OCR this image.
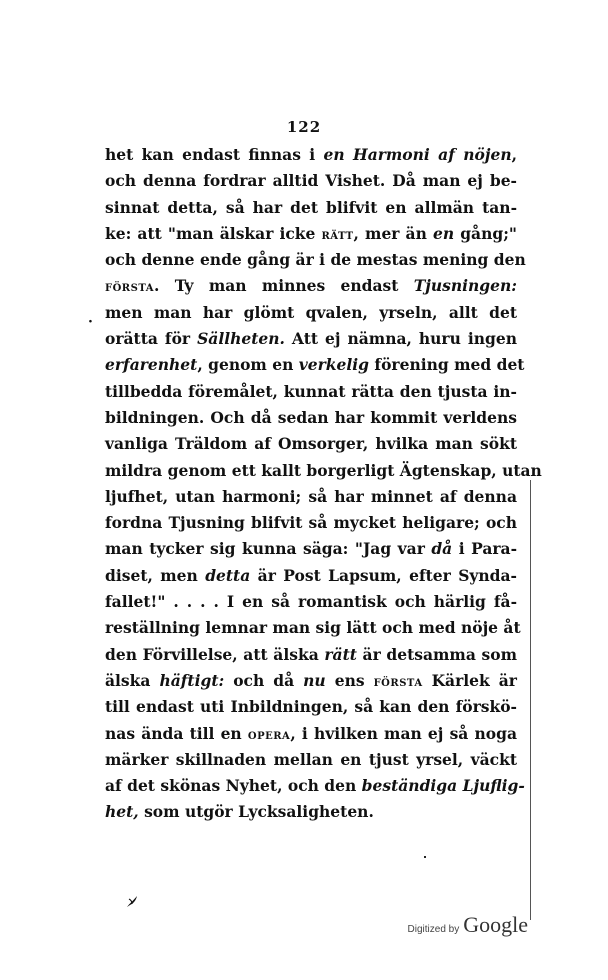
122
·
het kan endast finnas i en Harmoni af nöjen,
och denna fordrar alltid Vishet. Då man ej be-
sinnat detta, så har det blifvit en allmän tan-
ke: att "man älskar icke RÄTT, mer än en gång;"
och denne ende gång är i de mestas mening den
FÖRSTA. Ty man minnes endast Tjusningen:
men man har glömt qvalen, yrseln, allt det
orätta för Sällheten. Att ej nämna, huru ingen
erfarenhet, genom en verkelig förening med det
tillbedda föremålet, kunnat rätta den tjusta in-
bildningen. Och då sedan har kommit verldens
vanliga Träldom af Omsorger, hvilka man sökt
mildra genom ett kallt borgerligt Ägtenskap, utan
ljufhet, utan harmoni; så har minnet af denna
fordna Tjusning blifvit så mycket heligare; och
man tycker sig kunna säga: "Jag var då i Para-
diset, men detta är Post Lapsum, efter Synda-
fallet!" . . . . I en så romantisk och härlig få-
reställning lemnar man sig lätt och med nöje åt
den Förvillelse, att älska rätt är detsamma som
älska häftigt: och då nu ens FÖRSTA Kärlek är
till endast uti Inbildningen, så kan den förskö-
nas ända till en OPERA, i hvilken man ej så noga
märker skillnaden mellan en tjust yrsel, väckt
af det skönas Nyhet, och den beständiga Ljuflig-
het, som utgör Lycksaligheten.
Digitized by Google
